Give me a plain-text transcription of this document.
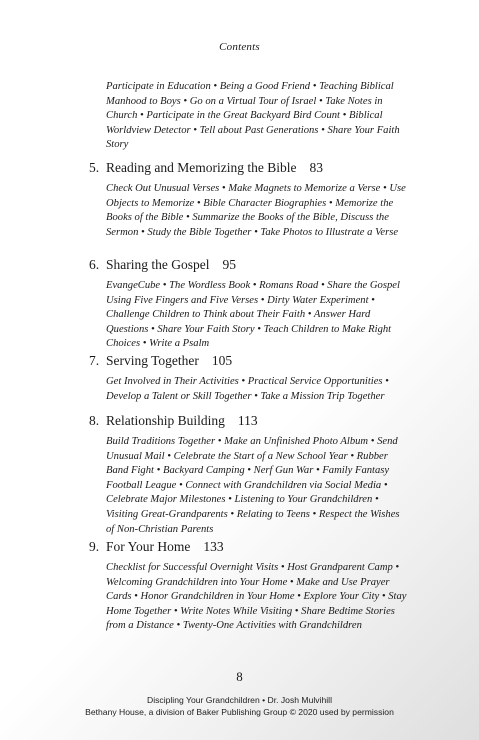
Contents
Participate in Education • Being a Good Friend • Teaching Biblical Manhood to Boys • Go on a Virtual Tour of Israel • Take Notes in Church • Participate in the Great Backyard Bird Count • Biblical Worldview Detector • Tell about Past Generations • Share Your Faith Story
5. Reading and Memorizing the Bible 83
Check Out Unusual Verses • Make Magnets to Memorize a Verse • Use Objects to Memorize • Bible Character Biographies • Memorize the Books of the Bible • Summarize the Books of the Bible, Discuss the Sermon • Study the Bible Together • Take Photos to Illustrate a Verse
6. Sharing the Gospel 95
EvangeCube • The Wordless Book • Romans Road • Share the Gospel Using Five Fingers and Five Verses • Dirty Water Experiment • Challenge Children to Think about Their Faith • Answer Hard Questions • Share Your Faith Story • Teach Children to Make Right Choices • Write a Psalm
7. Serving Together 105
Get Involved in Their Activities • Practical Service Opportunities • Develop a Talent or Skill Together • Take a Mission Trip Together
8. Relationship Building 113
Build Traditions Together • Make an Unfinished Photo Album • Send Unusual Mail • Celebrate the Start of a New School Year • Rubber Band Fight • Backyard Camping • Nerf Gun War • Family Fantasy Football League • Connect with Grandchildren via Social Media • Celebrate Major Milestones • Listening to Your Grandchildren • Visiting Great-Grandparents • Relating to Teens • Respect the Wishes of Non-Christian Parents
9. For Your Home 133
Checklist for Successful Overnight Visits • Host Grandparent Camp • Welcoming Grandchildren into Your Home • Make and Use Prayer Cards • Honor Grandchildren in Your Home • Explore Your City • Stay Home Together • Write Notes While Visiting • Share Bedtime Stories from a Distance • Twenty-One Activities with Grandchildren
8
Discipling Your Grandchildren • Dr. Josh Mulvihill
Bethany House, a division of Baker Publishing Group © 2020 used by permission
